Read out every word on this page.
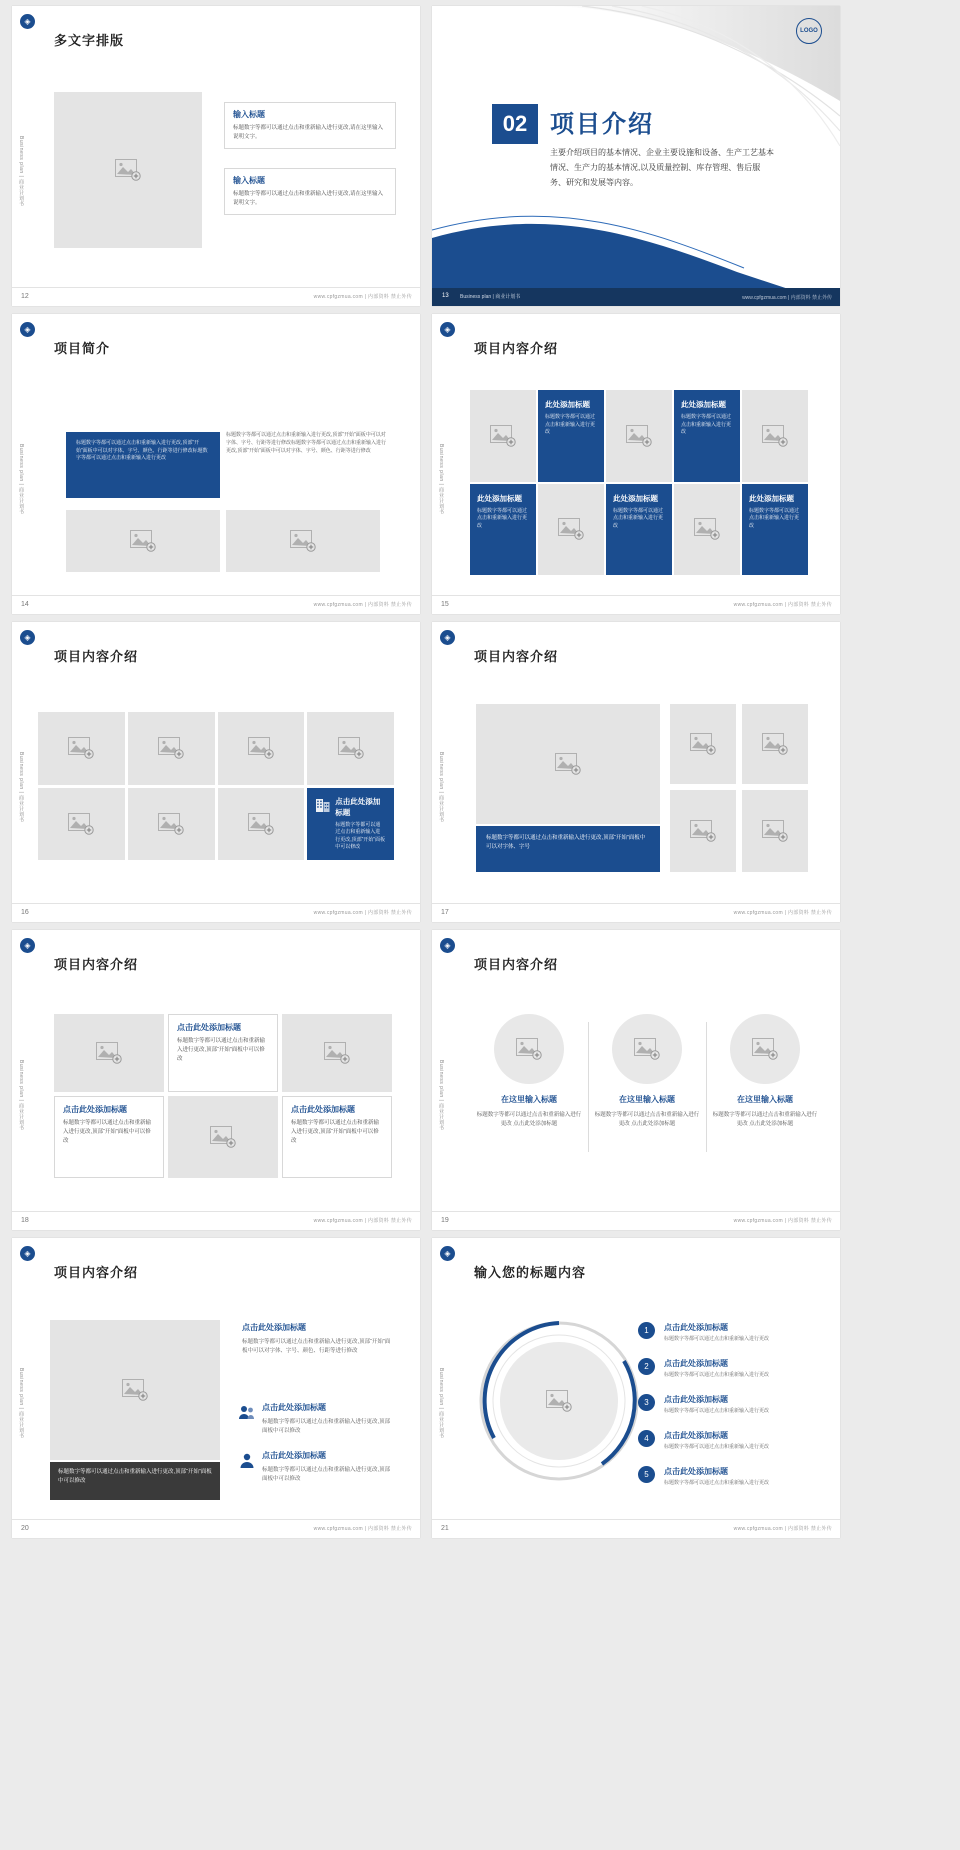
◈
Business plan | 商业计划书
多文字排版
输入标题
标题数字等都可以通过点击和重新输入进行更改,请在这里输入说明文字。
输入标题
标题数字等都可以通过点击和重新输入进行更改,请在这里输入说明文字。
12	www.cpfgzmua.com | 内部资料 禁止外传
LOGO
02 项目介绍
主要介绍项目的基本情况、企业主要设施和设备、生产工艺基本情况、生产力的基本情况,以及质量控制、库存管理、售后服务、研究和发展等内容。
13 Business plan | 商业计划书	www.cpfgzmua.com | 内部资料 禁止外传
◈
Business plan | 商业计划书
项目简介
标题数字等都可以通过点击和重新输入进行更改,顶部“开始”面板中可以对字体、字号、颜色、行距等进行修改标题数字等都可以通过点击和重新输入进行更改
标题数字等都可以通过点击和重新输入进行更改,顶部“开始”面板中可以对字体、字号、行距等进行修改标题数字等都可以通过点击和重新输入进行更改,顶部“开始”面板中可以对字体、字号、颜色、行距等进行修改
14	www.cpfgzmua.com | 内部资料 禁止外传
◈
Business plan | 商业计划书
项目内容介绍
此处添加标题
标题数字等都可以通过点击和重新输入进行更改
此处添加标题
标题数字等都可以通过点击和重新输入进行更改
此处添加标题
标题数字等都可以通过点击和重新输入进行更改
此处添加标题
标题数字等都可以通过点击和重新输入进行更改
此处添加标题
标题数字等都可以通过点击和重新输入进行更改
15	www.cpfgzmua.com | 内部资料 禁止外传
◈
Business plan | 商业计划书
项目内容介绍
点击此处添加标题
标题数字等都可以通过点击和重新输入进行更改,顶部“开始”面板中可以修改
16	www.cpfgzmua.com | 内部资料 禁止外传
◈
Business plan | 商业计划书
项目内容介绍
标题数字等都可以通过点击和重新输入进行更改,顶部“开始”面板中可以对字体、字号
17	www.cpfgzmua.com | 内部资料 禁止外传
◈
Business plan | 商业计划书
项目内容介绍
点击此处添加标题
标题数字等都可以通过点击和重新输入进行更改,顶部“开始”面板中可以修改
点击此处添加标题
标题数字等都可以通过点击和重新输入进行更改,顶部“开始”面板中可以修改
点击此处添加标题
标题数字等都可以通过点击和重新输入进行更改,顶部“开始”面板中可以修改
18	www.cpfgzmua.com | 内部资料 禁止外传
◈
Business plan | 商业计划书
项目内容介绍
在这里输入标题
标题数字等都可以通过点击和重新输入进行更改 点击此处添加标题
在这里输入标题
标题数字等都可以通过点击和重新输入进行更改 点击此处添加标题
在这里输入标题
标题数字等都可以通过点击和重新输入进行更改 点击此处添加标题
19	www.cpfgzmua.com | 内部资料 禁止外传
◈
Business plan | 商业计划书
项目内容介绍
标题数字等都可以通过点击和重新输入进行更改,顶部“开始”面板中可以修改
点击此处添加标题
标题数字等都可以通过点击和重新输入进行更改,顶部“开始”面板中可以对字体、字号、颜色、行距等进行修改
点击此处添加标题
标题数字等都可以通过点击和重新输入进行更改,顶部面板中可以修改
点击此处添加标题
标题数字等都可以通过点击和重新输入进行更改,顶部面板中可以修改
20	www.cpfgzmua.com | 内部资料 禁止外传
◈
Business plan | 商业计划书
输入您的标题内容
1	点击此处添加标题
标题数字等都可以通过点击和重新输入进行更改
2	点击此处添加标题
标题数字等都可以通过点击和重新输入进行更改
3	点击此处添加标题
标题数字等都可以通过点击和重新输入进行更改
4	点击此处添加标题
标题数字等都可以通过点击和重新输入进行更改
5	点击此处添加标题
标题数字等都可以通过点击和重新输入进行更改
21	www.cpfgzmua.com | 内部资料 禁止外传
